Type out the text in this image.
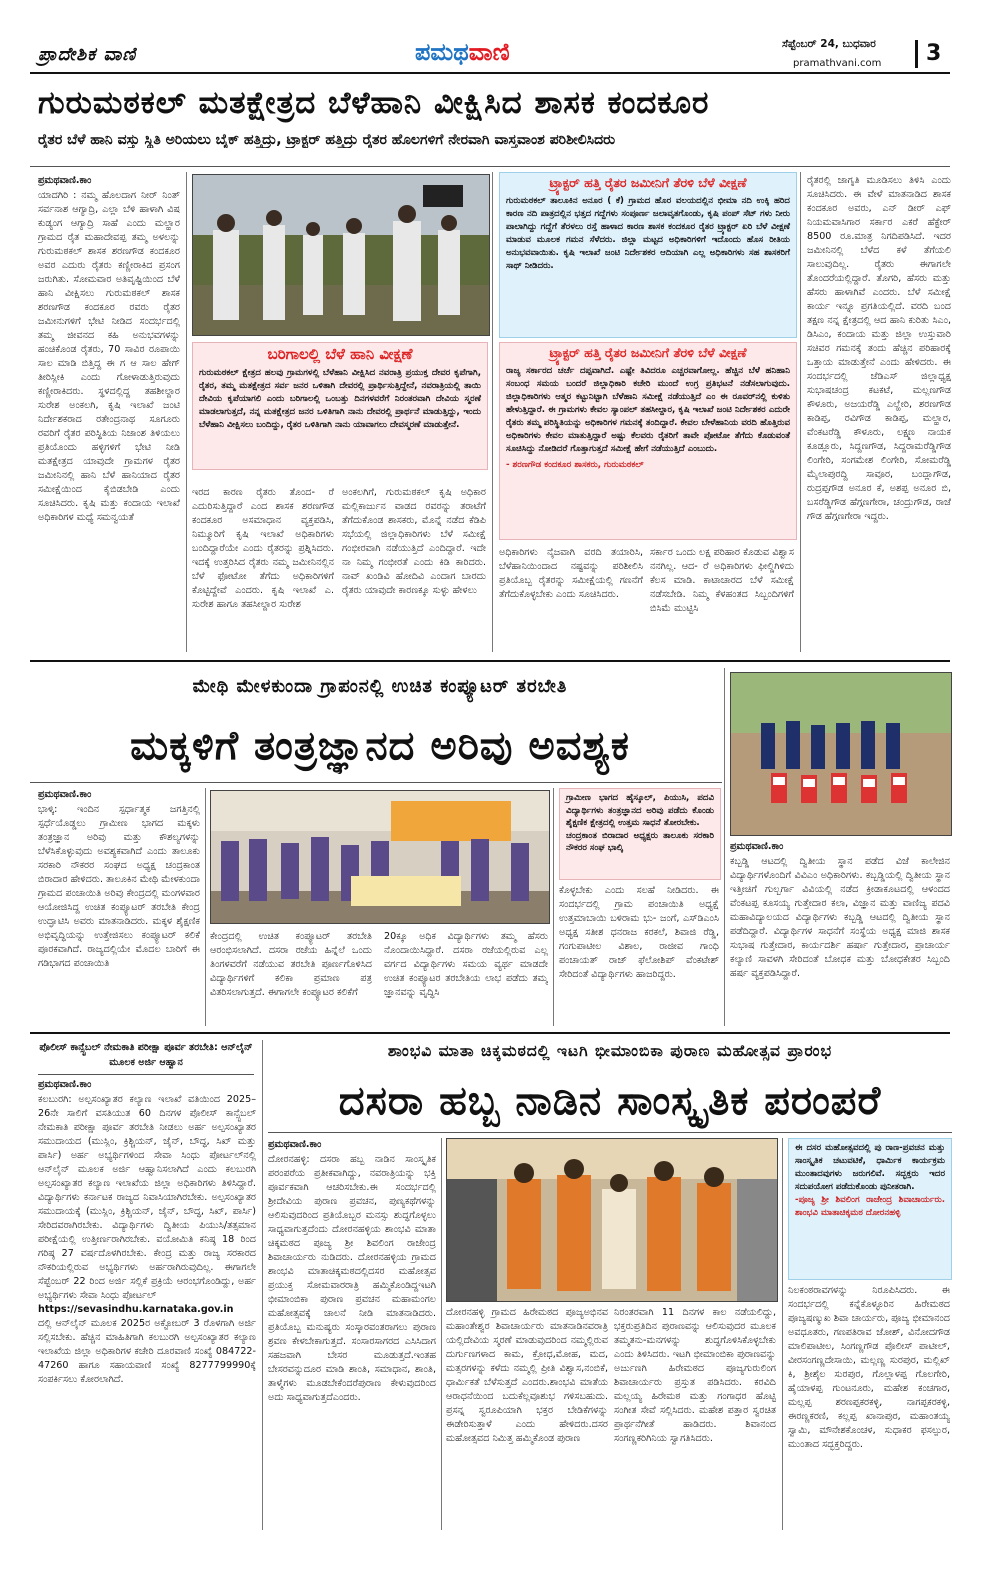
ಪ್ರಾದೇಶಿಕ ವಾಣಿ	ಪಮಥವಾಣಿ	ಸೆಪ್ಟೆಂಬರ್ 24, ಬುಧವಾರ
pramathvani.com	3
ಗುರುಮಠಕಲ್ ಮತಕ್ಷೇತ್ರದ ಬೆಳೆಹಾನಿ ವೀಕ್ಷಿಸಿದ ಶಾಸಕ ಕಂದಕೂರ
ರೈತರ ಬೆಳೆ ಹಾನಿ ವಸ್ತು ಸ್ಥಿತಿ ಅರಿಯಲು ಬೈಕ್ ಹತ್ತಿದ್ರು, ಟ್ರಾಕ್ಟರ್ ಹತ್ತಿದ್ರು ರೈತರ ಹೊಲಗಳಿಗೆ ನೇರವಾಗಿ ವಾಸ್ತವಾಂಶ ಪರಿಶೀಲಿಸಿದರು
ಪ್ರಮಥವಾಣಿ.ಕಾಂ

ಯಾದಗಿರಿ : ನಮ್ಮ ಹೊಲದಾಗ ನೀರ್ ನಿಂತ್ ಸರ್ವನಾಶ ಆಗ್ಯಾದ್ರಿ, ಎಲ್ಲಾ ಬೆಳಿ ಹಾಳಾಗಿ ವಿಷ ಕುಡ್ಯಂಗ ಆಗ್ಯಾದ್ರಿ ಸಾಹೆ ಎಂದು ಮಲ್ಹಾರ ಗ್ರಾಮದ ರೈತ ಮಹಾದೇವಪ್ಪ ತಮ್ಮ ಅಳಲನ್ನು ಗುರುಮಠಕಲ್ ಶಾಸಕ ಶರಣಗೌಡ ಕಂದಕೂರ ಅವರ ಎದುರು ರೈತರು ಕಣ್ಣೀರಾಕಿದ ಪ್ರಸಂಗ ಜರುಗಿತು. ಸೋಮವಾರ ಅತಿವೃಷ್ಟಿಯಿಂದ ಬೆಳೆ ಹಾನಿ ವೀಕ್ಷಿಸಲು ಗುರುಮಠಕಲ್ ಶಾಸಕ ಶರಣಗೌಡ ಕಂದಕೂರ ರವರು ರೈತರ ಜಮೀನುಗಳಿಗೆ ಭೇಟಿ ನೀಡಿದ ಸಂದರ್ಭದಲ್ಲಿ ತಮ್ಮ ಜೀವನದ ಕಹಿ ಅನುಭವಗಳನ್ನು ಹಂಚಿಕೊಂಡ ರೈತರು, 70 ಸಾವಿರ ರೂಪಾಯಿ ಸಾಲ ಮಾಡಿ ಬಿತ್ತಿದ್ದ ಈ ಗ ಆ ಸಾಲ ಹೇಗ್ ತೀರಿಸ್ಲೀಕಿ ಎಂದು ಗೋಳಾಡುತ್ತಿರುವುದು ಕಣ್ಣೀರಾಕಿದರು. ಸ್ಥಳದಲ್ಲಿದ್ದ ತಹಶೀಲ್ದಾರ ಸುರೇಶ ಅಂಕಲಗಿ, ಕೃಷಿ ಇಲಾಖೆ ಜಂಟಿ ನಿರ್ದೇಶಕರಾದ ರತೇಂದ್ರನಾಥ ಸೂಗೂರು ರವರಿಗೆ ರೈತರ ಪರಿಸ್ಥಿತಿಯ ನಿಜಾಂಶ ತಿಳಿಯಲು ಪ್ರತಿಯೊಂದು ಹಳ್ಳಿಗಳಿಗೆ ಭೇಟಿ ನೀಡಿ ಮತಕ್ಷೇತ್ರದ ಯಾವುದೇ ಗ್ರಾಮಗಳ ರೈತರ ಜಮೀನಿನಲ್ಲಿ ಹಾನಿ ಬೆಳೆ ಹಾನಿಯಾದ ರೈತರ ಸಮೀಕ್ಷೆಯಿಂದ ಕೈಬಿಡಬೇಡಿ ಎಂದು ಸೂಚಿಸಿದರು. ಕೃಷಿ ಮತ್ತು ಕಂದಾಯ ಇಲಾಖೆ ಅಧಿಕಾರಿಗಳ ಮಧ್ಯೆ ಸಮನ್ವಯತೆ

ಬರಿಗಾಲಲ್ಲಿ ಬೆಳೆ ಹಾನಿ ವೀಕ್ಷಣೆ
ಗುರುಮಠಕಲ್ ಕ್ಷೇತ್ರದ ಹಲವು ಗ್ರಾಮಗಳಲ್ಲಿ ಬೆಳೆಹಾನಿ ವೀಕ್ಷಿಸಿದ ನವರಾತ್ರಿ ಪ್ರಯುಕ್ತ ದೇವರ ಕೃಪೆಗಾಗಿ, ರೈತರ, ತಮ್ಮ ಮತಕ್ಷೇತ್ರದ ಸರ್ವ ಜನರ ಒಳಿತಾಗಿ ದೇವರಲ್ಲಿ ಪ್ರಾರ್ಥಿಸುತ್ತಿದ್ದೇನೆ, ನವರಾತ್ರಿಯಲ್ಲಿ ತಾಯಿ ದೇವಿಯ ಕೃಪೆಯಾಗಲಿ ಎಂದು ಬರಿಗಾಲಲ್ಲಿ ಒಂಬತ್ತು ದಿನಗಳವರೆಗೆ ನಿರಂತರವಾಗಿ ದೇವಿಯ ಸ್ಮರಣೆ ಮಾಡಲಾಗುತ್ತದೆ, ನನ್ನ ಮತಕ್ಷೇತ್ರದ ಜನರ ಒಳಿತಿಗಾಗಿ ನಾನು ದೇವರಲ್ಲಿ ಪ್ರಾರ್ಥನೆ ಮಾಡುತ್ತಿದ್ದು, ಇಂದು ಬೆಳೆಹಾನಿ ವೀಕ್ಷಿಸಲು ಬಂದಿದ್ದು, ರೈತರ ಒಳಿತಿಗಾಗಿ ನಾನು ಯಾವಾಗಲು ದೇವಸ್ಮರಣೆ ಮಾಡುತ್ತೇನೆ.
ಇರದ ಕಾರಣ ರೈತರು ತೊಂದ- ರೆ ಎದುರಿಸುತ್ತಿದ್ದಾರೆ ಎಂದ ಶಾಸಕ ಶರಣಗೌಡ ಕಂದಕೂರ ಅಸಮಾಧಾನ ವ್ಯಕ್ತಪಡಿಸಿ, ನಿಮ್ಮೂರಿಗೆ ಕೃಷಿ ಇಲಾಖೆ ಅಧಿಕಾರಿಗಳು ಬಂದಿದ್ದಾರೆಯೇ ಎಂದು ರೈತರನ್ನು ಪ್ರಶ್ನಿಸಿದರು. ಇದಕ್ಕೆ ಉತ್ತರಿಸಿದ ರೈತರು ನಮ್ಮ ಜಮೀನಿನಲ್ಲಿನ ಬೆಳೆ ಫೋಟೋ ತೆಗೆದು ಅಧಿಕಾರಿಗಳಿಗೆ ಕೊಟ್ಟಿದ್ದೇವೆ ಎಂದರು. ಕೃಷಿ ಇಲಾಖೆ ಎ. ಸುರೇಶ ಹಾಗೂ ತಹಸೀಲ್ದಾರ ಸುರೇಶ
ಅಂಕಲಗಿಗೆ, ಗುರುಮಠಕಲ್ ಕೃಷಿ ಅಧಿಕಾರ ಮಲ್ಲಿಕಾರ್ಜುನ ವಾಡದ ರವರನ್ನು ತರಾಟೆಗೆ ತೆಗೆದುಕೊಂಡ ಶಾಸಕರು, ಮೊನ್ನೆ ನಡೆದ ಕೆಡಿಪಿ ಸಭೆಯಲ್ಲಿ ಜಿಲ್ಲಾಧಿಕಾರಿಗಳು ಬೆಳೆ ಸಮೀಕ್ಷೆ ಗಂಭೀರವಾಗಿ ನಡೆಯುತ್ತಿದೆ ಎಂದಿದ್ದಾರೆ. ಇದೇ ನಾ ನಿಮ್ಮ ಗಂಭೀರತೆ ಎಂದು ಕಿಡಿ ಕಾರಿದರು. ನಾವ್ ಖಂಡಿವಿ ಹೋದಿವಿ ಎಂದಾಗ ಬಾರದು ರೈತರು ಯಾವುದೇ ಕಾರಣಕ್ಕೂ ಸುಳ್ಳು ಹೇಳಲು
ಟ್ರ್ಯಾಕ್ಟರ್ ಹತ್ತಿ ರೈತರ ಜಮೀನಿಗೆ ತೆರಳಿ ಬೆಳೆ ವೀಕ್ಷಣೆ
ಗುರುಮಠಕಲ್ ತಾಲೂಕಿನ ಅನೂರ ( ಕೆ) ಗ್ರಾಮದ ಹೊರ ವಲಯದಲ್ಲಿನ ಭೀಮಾ ನದಿ ಉಕ್ಕಿ ಹರಿದ ಕಾರಣ ನದಿ ಪಾತ್ರದಲ್ಲಿನ ಭತ್ತದ ಗದ್ದೆಗಳು ಸಂಪೂರ್ಣ ಜಲಾವೃತಗೊಂಡು, ಕೃಷಿ ಪಂಪ್ ಸೆಟ್ ಗಳು ನೀರು ಪಾಲಾಗಿದ್ದು ಗದ್ದೆಗೆ ತೆರಳಲು ರಸ್ತೆ ಹಾಳಾದ ಕಾರಣ ಶಾಸಕ ಕಂದಕೂರ ರೈತರ ಟ್ರ್ಯಾಕ್ಟರ್ ಏರಿ ಬೆಳೆ ವೀಕ್ಷಣೆ ಮಾಡುವ ಮೂಲಕ ಗಮನ ಸೆಳೆದರು. ಜಿಲ್ಲಾ ಮಟ್ಟದ ಅಧಿಕಾರಿಗಳಿಗೆ ಇದೊಂದು ಹೊಸ ರೀತಿಯ ಅನುಭವವಾಯಿತು. ಕೃಷಿ ಇಲಾಖೆ ಜಂಟಿ ನಿರ್ದೇಶಕರ ಆದಿಯಾಗಿ ಎಲ್ಲ ಅಧಿಕಾರಿಗಳು ಸಹ ಶಾಸಕರಿಗೆ ಸಾಥ್ ನೀಡಿದರು.
ಟ್ರ್ಯಾಕ್ಟರ್ ಹತ್ತಿ ರೈತರ ಜಮೀನಿಗೆ ತೆರಳಿ ಬೆಳೆ ವೀಕ್ಷಣೆ
ರಾಜ್ಯ ಸರ್ಕಾರದ ಚರ್ಚೆ ದಪ್ಪವಾಗಿದೆ. ಎಷ್ಟೇ ತಿವಿದರೂ ಎಚ್ಚರವಾಗೋಲ್ಲ. ಹೆಚ್ಚಿನ ಬೆಳೆ ಹನಿಹಾನಿ ಸಂಬಂಧ ಸಮಯ ಬಂದರೆ ಜಿಲ್ಲಾಧಿಕಾರಿ ಕಚೇರಿ ಮುಂದೆ ಉಗ್ರ ಪ್ರತಿಭಟನೆ ನಡೆಸಲಾಗುವುದು. ಜಿಲ್ಲಾಧಿಕಾರಿಗಳು ಆತ್ಮರ ಕಟ್ಟುನಿಟ್ಟಾಗಿ ಬೆಳೆಹಾನಿ ಸಮೀಕ್ಷೆ ನಡೆಯುತ್ತಿದೆ ಎಂ ಈ ರೂವರ್‌ನಲ್ಲಿ ಕುಳಿತು ಹೇಳುತ್ತಿದ್ದಾರೆ. ಈ ಗ್ರಾಮಗಳು ಕೇವಲ ಸ್ಯಾಂಪಲ್ ತಹಸೀಲ್ದಾರ, ಕೃಷಿ ಇಲಾಖೆ ಜಂಟಿ ನಿರ್ದೇಶಕರ ಎದುರೇ ರೈತರು ತಮ್ಮ ಪರಿಸ್ಥಿತಿಯನ್ನು ಅಧಿಕಾರಿಗಳ ಗಮನಕ್ಕೆ ತಂದಿದ್ದಾರೆ. ಕೇವಲ ಬೇಳೆಹಾನಿಯ ವರದಿ ಹೊತ್ತಿರುವ ಅಧಿಕಾರಿಗಳು ಕೇವಲ ಮಾತುತ್ತಿದ್ದಾರೆ ಅಷ್ಟು ಕೆಲವರು ರೈತರಿಗೆ ತಾವೇ ಪೋಟೋ ತೆಗೆದು ಕೊಡುವಂತೆ ಸೂಚಿಸಿದ್ದು ನೋಡಿದರೆ ಗೊತ್ತಾಗುತ್ತದೆ ಸಮೀಕ್ಷೆ ಹೇಗೆ ನಡೆಯುತ್ತಿದೆ ಎಂಬುದು.
- ಶರಣಗೌಡ ಕಂದಕೂರ ಶಾಸಕರು, ಗುರುಮಠಕಲ್
ಅಧಿಕಾರಿಗಳು ನೈಜವಾಗಿ ವರದಿ ತಯಾರಿಸಿ, ಬೆಳೆಹಾನಿಯಿಂದಾದ ನಷ್ಟವನ್ನು ಪರಿಶೀಲಿಸಿ ಪ್ರತಿಯೊಬ್ಬ ರೈತರನ್ನು ಸಮೀಕ್ಷೆಯಲ್ಲಿ ಗಣನೆಗೆ ತೆಗೆದುಕೊಳ್ಳಬೇಕು ಎಂದು ಸೂಚಿಸಿದರು.
ಸರ್ಕಾರ ಒಂದು ಲಕ್ಷ ಪರಿಹಾರ ಕೊಡುವ ವಿಶ್ವಾಸ ನನಗಿಲ್ಲ. ಆದ- ರೆ ಅಧಿಕಾರಿಗಳು ಫೀಲ್ಡಿಗಿಳಿದು ಕೆಲಸ ಮಾಡಿ. ಕಾಟಾಚಾರದ ಬೆಳೆ ಸಮೀಕ್ಷೆ ನಡೆಸಬೇಡಿ. ನಿಮ್ಮ ಕೆಳಹಂತದ ಸಿಬ್ಬಂದಿಗಳಿಗೆ ಬಿಸಿಮೆ ಮುಟ್ಟಿಸಿ
ರೈತರಲ್ಲಿ ಜಾಗೃತಿ ಮೂಡಿಸಲು ತಿಳಿಸಿ ಎಂದು ಸೂಚಿಸಿದರು. ಈ ವೇಳೆ ಮಾತನಾಡಿದ ಶಾಸಕ ಕಂದಕೂರ ಅವರು, ಎನ್ ಡೀರ್ ಎಫ್ ನಿಯಮವಾಸಿಗಾರ ಸರ್ಕಾರ ಎಕರೆ ಹೆಕ್ಟೇರ್ 8500 ರೂ.ಮಾತ್ರ ನಿಗದಿಪಡಿಸಿದೆ. ಇದರ ಜಮೀನಿನಲ್ಲಿ ಬೆಳೆದ ಕಳೆ ತೆಗೆಯಲಿ ಸಾಲುವುದಿಲ್ಲ. ರೈತರು ಈಗಾಗಲೇ ತೊಂದರೆಯಲ್ಲಿದ್ದಾರೆ. ತೊಗರಿ, ಹೆಸರು ಮತ್ತು ಹೆಸರು ಹಾಳಾಗಿವೆ ಎಂದರು. ಬೆಳೆ ಸಮೀಕ್ಷೆ ಕಾರ್ಯ ಇನ್ನೂ ಪ್ರಗತಿಯಲ್ಲಿದೆ. ವರದಿ ಬಂದ ತಕ್ಷಣ ನನ್ನ ಕ್ಷೇತ್ರದಲ್ಲಿ ಆದ ಹಾನಿ ಕುರಿತು ಸಿಎಂ, ಡಿಸಿಎಂ, ಕಂದಾಯ ಮತ್ತು ಜಿಲ್ಲಾ ಉಸ್ತುವಾರಿ ಸಚಿವರ ಗಮನಕ್ಕೆ ತಂದು ಹೆಚ್ಚಿನ ಪರಿಹಾರಕ್ಕೆ ಒತ್ತಾಯ ಮಾಡುತ್ತೇನೆ ಎಂದು ಹೇಳಿದರು. ಈ ಸಂದರ್ಭದಲ್ಲಿ ಜೆಡಿಎಸ್ ಜಿಲ್ಲಾಧ್ಯಕ್ಷ ಸುಭಾಷಚಂದ್ರ ಕಟಕಟೆ, ಮಲ್ಲಣಗೌಡ ಕೌಳೂರು, ಅಜಯರೆಡ್ಡಿ ಎಲ್ಹೇರಿ, ಶರಣಗೌಡ ಕಾಡಿಪ್ಪ, ರವಿಗೌಡ ಕಾಡಿಪ್ಪ, ಮಲ್ಹಾರ, ವೆಂಕಟರೆಡ್ಡಿ ಕೌಳೂರು, ಲಕ್ಷ್ಮಣ ನಾಯಕ ಕೂಡ್ಲೂರು, ಸಿದ್ದಣಗೌಡ, ಸಿದ್ದರಾಮರೆಡ್ಡಿಗೌಡ ಲಿಂಗೇರಿ, ಸಂಗಮೇಶ ಲಿಂಗೇರಿ, ಸೋಮರೆಡ್ಡಿ ಮೈಲಾಪುರದ್ದಿ ಸಾವೂರ, ಬಂದ್ಲಾಗೌಡ, ರುದ್ರಪ್ಪಗೌಡ ಅನೂರ ಕೆ, ಅಶಪ್ಪ ಅನೂರ ಬಿ, ಬಸರೆಡ್ಡಿಗೌಡ ಹೆಗ್ಗಣಗೇರಾ, ಚಂದ್ರುಗೌಡ, ರಾಜೆ ಗೌಡ ಹೆಗ್ಗಣಗೇರಾ ಇದ್ದರು.
ಮೇಥಿ ಮೇಳಕುಂದಾ ಗ್ರಾಪಂನಲ್ಲಿ ಉಚಿತ ಕಂಪ್ಯೂಟರ್ ತರಬೇತಿ
ಮಕ್ಕಳಿಗೆ ತಂತ್ರಜ್ಞಾನದ ಅರಿವು ಅವಶ್ಯಕ
ಪ್ರಮಥವಾಣಿ.ಕಾಂ

ಭಾಳ್ಕಿ: ಇಂದಿನ ಸ್ಪರ್ಧಾತ್ಮಕ ಜಗತ್ತಿನಲ್ಲಿ ಸ್ಪರ್ಧೆಯೊಡ್ಡಲು ಗ್ರಾಮೀಣ ಭಾಗದ ಮಕ್ಕಳು ತಂತ್ರಜ್ಞಾನ ಅರಿವು ಮತ್ತು ಕೌಶಲ್ಯಗಳನ್ನು ಬೆಳೆಸಿಕೊಳ್ಳುವುದು ಅವಶ್ಯಕವಾಗಿದೆ ಎಂದು ತಾಲೂಕು ಸರಕಾರಿ ನೌಕರರ ಸಂಘದ ಅಧ್ಯಕ್ಷ ಚಂದ್ರಕಾಂತ ಬಿರಾದಾರ ಹೇಳಿದರು. ತಾಲೂಕಿನ ಮೇಥಿ ಮೇಳಕುಂದಾ ಗ್ರಾಮದ ಪಂಚಾಯಿತಿ ಅರಿವು ಕೇಂದ್ರದಲ್ಲಿ ಮಂಗಳವಾರ ಆಯೋಜಿಸಿದ್ದ ಉಚಿತ ಕಂಪ್ಯೂಟರ್ ತರಬೇತಿ ಕೇಂದ್ರ ಉದ್ಘಾಟಿಸಿ ಅವರು ಮಾತನಾಡಿದರು. ಮಕ್ಕಳ ಶೈಕ್ಷಣಿಕ ಅಭಿವೃದ್ಧಿಯನ್ನು ಉತ್ತೇಜಿಸಲು ಕಂಪ್ಯೂಟರ್ ಕಲಿಕೆ ಪೂರಕವಾಗಿದೆ. ರಾಜ್ಯದಲ್ಲಿಯೇ ಮೊದಲ ಬಾರಿಗೆ ಈ ಗಡಿಭಾಗದ ಪಂಚಾಯಿತಿ

ಕೇಂದ್ರದಲ್ಲಿ ಉಚಿತ ಕಂಪ್ಯೂಟರ್ ತರಬೇತಿ ಆರಂಭಿಸಲಾಗಿದೆ. ದಸರಾ ರಜೆಯ ಹಿನ್ನೆಲೆ ಒಂದು ತಿಂಗಳವರೆಗೆ ನಡೆಯುವ ತರಬೇತಿ ಪೂರ್ಣಗೊಳಿಸಿದ ವಿದ್ಯಾರ್ಥಿಗಳಿಗೆ ಕಲಿಕಾ ಪ್ರಮಾಣ ಪತ್ರ ವಿತರಿಸಲಾಗುತ್ತದೆ. ಈಗಾಗಲೇ ಕಂಪ್ಯೂಟರ ಕಲಿಕೆಗೆ
20ಕ್ಕೂ ಅಧಿಕ ವಿದ್ಯಾರ್ಥಿಗಳು ತಮ್ಮ ಹೆಸರು ನೊಂದಾಯಿಸಿದ್ದಾರೆ. ದಸರಾ ರಜೆಯಲ್ಲಿರುವ ಎಲ್ಲ ವರ್ಗದ ವಿದ್ಯಾರ್ಥಿಗಳು ಸಮಯ ವ್ಯರ್ಥ ಮಾಡದೇ ಉಚಿತ ಕಂಪ್ಯೂಟರ ತರಬೇತಿಯ ಲಾಭ ಪಡೆದು ತಮ್ಮ ಜ್ಞಾನವನ್ನು ವೃದ್ಧಿಸಿ
ಗ್ರಾಮೀಣ ಭಾಗದ ಹೈಸ್ಕೂಲ್, ಪಿಯುಸಿ, ಪದವಿ ವಿದ್ಯಾರ್ಥಿಗಳು ತಂತ್ರಜ್ಞಾನದ ಅರಿವು ಪಡೆದು ಕೊಂಡು ಶೈಕ್ಷಣಿಕ ಕ್ಷೇತ್ರದಲ್ಲಿ ಉತ್ತಮ ಸಾಧನೆ ತೋರಬೇಕು.
ಚಂದ್ರಕಾಂತ ಬಿರಾದಾರ ಅಧ್ಯಕ್ಷರು ತಾಲೂಕು ಸರಕಾರಿ ನೌಕರರ ಸಂಘ ಭಾಲ್ಕಿ
ಕೊಳ್ಳಬೇಕು ಎಂದು ಸಲಹೆ ನೀಡಿದರು. ಈ ಸಂದರ್ಭದಲ್ಲಿ ಗ್ರಾಮ ಪಂಚಾಯಿತಿ ಅಧ್ಯಕ್ಷೆ ಉತ್ತಮಾಬಾಯಿ ಬಳಿರಾಮ ಭು- ಜಂಗೆ, ಎಸ್‌ಡಿಎಂಸಿ ಅಧ್ಯಕ್ಷ ಸತೀಶ ಧನರಾಜ ಕರಕಲೆ, ಶಿವಾಜಿ ರೆಡ್ಡಿ, ಗಂಗುಪಾಟೀಲ ವಿಶಾಲ, ರಾಜೀವ ಗಾಂಧಿ ಪಂಚಾಯತ್ ರಾಜ್ ಫೆಲೋಶಿಪ್ ವೆಂಕಟೇಶ್ ಸೇರಿದಂತೆ ವಿದ್ಯಾರ್ಥಿಗಳು ಹಾಜರಿದ್ದರು.
ಪ್ರಮಥವಾಣಿ.ಕಾಂ

ಕಬ್ಬಡ್ಡಿ ಆಟದಲ್ಲಿ ದ್ವಿತೀಯ ಸ್ಥಾನ ಪಡೆದ ವಿಜೆ ಕಾಲೇಜಿನ ವಿದ್ಯಾರ್ಥಿಗಳೊಂದಿಗೆ ವಿವಿಎಂ ಅಧಿಕಾರಿಗಳು. ಕಬ್ಬಡ್ಡಿಯಲ್ಲಿ ದ್ವಿತೀಯ ಸ್ಥಾನ ಇತ್ತೀಚಿಗೆ ಗುಲ್ಬರ್ಗಾ ವಿವಿಯಲ್ಲಿ ನಡೆದ ಕ್ರೀಡಾಕೂಟದಲ್ಲಿ ಆಳಂದದ ವೆಂಕಟಪ್ಪ ಕೂಸಯ್ಯ ಗುತ್ತೇದಾರ ಕಲಾ, ವಿಜ್ಞಾನ ಮತ್ತು ವಾಣಿಜ್ಯ ಪದವಿ ಮಹಾವಿದ್ಯಾಲಯದ ವಿದ್ಯಾರ್ಥಿಗಳು ಕಬ್ಬಡ್ಡಿ ಆಟದಲ್ಲಿ ದ್ವಿತೀಯ ಸ್ಥಾನ ಪಡೆದಿದ್ದಾರೆ. ವಿದ್ಯಾರ್ಥಿಗಳ ಸಾಧನೆಗೆ ಸಂಸ್ಥೆಯ ಅಧ್ಯಕ್ಷ ಮಾಜಿ ಶಾಸಕ ಸುಭಾಷ ಗುತ್ತೇದಾರ, ಕಾರ್ಯದರ್ಶಿ ಹರ್ಷಾ ಗುತ್ತೇದಾರ, ಪ್ರಾಚಾರ್ಯ ಕಲ್ಯಾಣಿ ಸಾವಳಗಿ ಸೇರಿದಂತೆ ಬೋಧಕ ಮತ್ತು ಬೋಧಕೇತರ ಸಿಬ್ಬಂದಿ ಹರ್ಷ ವ್ಯಕ್ತಪಡಿಸಿದ್ದಾರೆ.

ಪೊಲೀಸ್ ಕಾನ್ಸ್ಟೆಬಲ್ ನೇಮಕಾತಿ ಪರೀಕ್ಷಾ ಪೂರ್ವ ತರಬೇತಿ: ಆನ್‌ಲೈನ್ ಮೂಲಕ ಅರ್ಜಿ ಆಹ್ವಾನ
ಪ್ರಮಥವಾಣಿ.ಕಾಂ

ಕಲಬುರಗಿ: ಅಲ್ಪಸಂಖ್ಯಾತರ ಕಲ್ಯಾಣ ಇಲಾಖೆ ವತಿಯಿಂದ 2025–26ನೇ ಸಾಲಿಗೆ ವಸತಿಯುತ 60 ದಿನಗಳ ಪೊಲೀಸ್ ಕಾನ್ಸ್ಟೆಬಲ್ ನೇಮಕಾತಿ ಪರೀಕ್ಷಾ ಪೂರ್ವ ತರಬೇತಿ ನೀಡಲು ಅರ್ಹ ಅಲ್ಪಸಂಖ್ಯಾತರ ಸಮುದಾಯದ (ಮುಸ್ಲಿಂ, ಕ್ರಿಶ್ಚಿಯನ್, ಜೈನ್, ಬೌದ್ಧ, ಸಿಖ್ ಮತ್ತು ಪಾರ್ಸಿ) ಅರ್ಹ ಅಭ್ಯರ್ಥಿಗಳಿಂದ ಸೇವಾ ಸಿಂಧು ಪೋರ್ಟಲ್‌ನಲ್ಲಿ ಆನ್‌ಲೈನ್ ಮೂಲಕ ಅರ್ಜಿ ಆಹ್ವಾನಿಸಲಾಗಿದೆ ಎಂದು ಕಲಬುರಗಿ ಅಲ್ಪಸಂಖ್ಯಾತರ ಕಲ್ಯಾಣ ಇಲಾಖೆಯ ಜಿಲ್ಲಾ ಅಧಿಕಾರಿಗಳು ತಿಳಿಸಿದ್ದಾರೆ. ವಿದ್ಯಾರ್ಥಿಗಳು ಕರ್ನಾಟಕ ರಾಜ್ಯದ ನಿವಾಸಿಯಾಗಿರಬೇಕು. ಅಲ್ಪಸಂಖ್ಯಾತರ ಸಮುದಾಯಕ್ಕೆ (ಮುಸ್ಲಿಂ, ಕ್ರಿಶ್ಚಿಯನ್, ಜೈನ್, ಬೌದ್ಧ, ಸಿಖ್, ಪಾರ್ಸಿ) ಸೇರಿದವರಾಗಿರಬೇಕು. ವಿದ್ಯಾರ್ಥಿಗಳು ದ್ವಿತೀಯ ಪಿಯುಸಿ/ತತ್ಸಮಾನ ಪರೀಕ್ಷೆಯಲ್ಲಿ ಉತ್ತೀರ್ಣರಾಗಿರಬೇಕು. ವಯೋಮಿತಿ ಕನಿಷ್ಠ 18 ರಿಂದ ಗರಿಷ್ಠ 27 ವರ್ಷದೊಳಗಿರಬೇಕು. ಕೇಂದ್ರ ಮತ್ತು ರಾಜ್ಯ ಸರಕಾರದ ನೌಕರಿಯಲ್ಲಿರುವ ಅಭ್ಯರ್ಥಿಗಳು ಅರ್ಹರಾಗಿರುವುದಿಲ್ಲ. ಈಗಾಗಲೇ ಸೆಪ್ಟೆಂಬರ್ 22 ರಿಂದ ಅರ್ಜಿ ಸಲ್ಲಿಕೆ ಪ್ರಕ್ರಿಯೆ ಆರಂಭಗೊಂಡಿದ್ದು, ಅರ್ಹ ಅಭ್ಯರ್ಥಿಗಳು ಸೇವಾ ಸಿಂಧು ಪೋರ್ಟಲ್

https://sevasindhu.karnataka.gov.in

ದಲ್ಲಿ ಆನ್‌ಲೈನ್ ಮೂಲಕ 2025ರ ಅಕ್ಟೋಬರ್ 3 ರೊಳಗಾಗಿ ಅರ್ಜಿ ಸಲ್ಲಿಸಬೇಕು. ಹೆಚ್ಚಿನ ಮಾಹಿತಿಗಾಗಿ ಕಲಬುರಗಿ ಅಲ್ಪಸಂಖ್ಯಾತರ ಕಲ್ಯಾಣ ಇಲಾಖೆಯ ಜಿಲ್ಲಾ ಅಧಿಕಾರಿಗಳ ಕಚೇರಿ ದೂರವಾಣಿ ಸಂಖ್ಯೆ 084722-47260 ಹಾಗೂ ಸಹಾಯವಾಣಿ ಸಂಖ್ಯೆ 8277799990ಕ್ಕೆ ಸಂಪರ್ಕಿಸಲು ಕೋರಲಾಗಿದೆ.

ಶಾಂಭವಿ ಮಾತಾ ಚಿಕ್ಕಮಠದಲ್ಲಿ ಇಟಗಿ ಭೀಮಾಂಬಿಕಾ ಪುರಾಣ ಮಹೋತ್ಸವ ಪ್ರಾರಂಭ
ದಸರಾ ಹಬ್ಬ ನಾಡಿನ ಸಾಂಸ್ಕೃತಿಕ ಪರಂಪರೆ
ಪ್ರಮಥವಾಣಿ.ಕಾಂ

ದೋರನಹಳ್ಳಿ: ದಸರಾ ಹಬ್ಬ ನಾಡಿನ ಸಾಂಸ್ಕೃತಿಕ ಪರಂಪರೆಯ ಪ್ರತೀಕವಾಗಿದ್ದು, ನವರಾತ್ರಿಯನ್ನು ಭಕ್ತಿ ಪೂರ್ವಕವಾಗಿ ಆಚರಿಸಬೇಕು.ಈ ಸಂದರ್ಭದಲ್ಲಿ ಶ್ರೀದೇವಿಯ ಪುರಾಣ ಪ್ರವಚನ, ಪುಣ್ಯಕಥೆಗಳನ್ನು ಆಲಿಸುವುದರಿಂದ ಪ್ರತಿಯೊಬ್ಬರ ಮನಸ್ಸು ಶುದ್ಧಗೊಳ್ಳಲು ಸಾಧ್ಯವಾಗುತ್ತದೆಂದು ದೋರನಹಳ್ಳಿಯ ಶಾಂಭವಿ ಮಾತಾ ಚಿಕ್ಕಮಠದ ಪೂಜ್ಯ ಶ್ರೀ ಶಿವಲಿಂಗ ರಾಜೇಂದ್ರ ಶಿವಾಚಾರ್ಯರು ನುಡಿದರು. ದೋರನಹಳ್ಳಿಯ ಗ್ರಾಮದ ಶಾಂಭವಿ ಮಾತಾಚಿಕ್ಕಮಠದಲ್ಲಿದಸರ ಮಹೋತ್ಸವ ಪ್ರಯುಕ್ತ ಸೋಮವಾರರಾತ್ರಿ ಹಮ್ಮಿಕೊಂಡಿದ್ದಇಟಗಿ ಭೀಮಾಂಬಿಕಾ ಪುರಾಣ ಪ್ರವಚನ ಮಹಾಮಂಗಲ ಮಹೋತ್ಸವಕ್ಕೆ ಚಾಲನೆ ನೀಡಿ ಮಾತನಾಡಿದರು. ಪ್ರತಿಯೊಬ್ಬ ಮನುಷ್ಯರು ಸಂಸ್ಕಾರವಂತರಾಗಲು ಪುರಾಣ ಶ್ರವಣ ಕೇಳಬೇಕಾಗುತ್ತದೆ. ಸಂಸಾರಸಾಗರದ ಎಸಿಸಿದಾಗ ಸಹಜವಾಗಿ ಬೇಸರ ಮೂಡುತ್ತದೆ.ಇಂತಹ ಬೇಸರವನ್ನುದೂರ ಮಾಡಿ ಶಾಂತಿ, ಸಮಾಧಾನ, ಶಾಂತಿ, ತಾಳ್ಮೆಗಳು ಮೂಡಬೇಕೆಂದರೆಪುರಾಣ ಕೇಳುವುದರಿಂದ ಅದು ಸಾಧ್ಯವಾಗುತ್ತದೆಎಂದರು.

ದೋರನಹಳ್ಳಿ ಗ್ರಾಮದ ಹಿರೇಮಠದ ಪೂಜ್ಯಅಭಿನವ ಮಹಾಂತೇಶ್ವರ ಶಿವಾಚಾರ್ಯರು ಮಾತನಾಡಿನವರಾತ್ರಿ ಯಲ್ಲಿದೇವಿಯ ಸ್ಮರಣೆ ಮಾಡುವುದರಿಂದ ನಮ್ಮಲ್ಲಿರುವ ದುರ್ಗುಣಗಳಾದ ಕಾಮ, ಕ್ರೋಧ,ಮೋಹ, ಮದ, ಮತ್ಸರಗಳನ್ನು ಕಳೆದು ನಮ್ಮಲ್ಲಿ ಪ್ರೀತಿ ವಿಶ್ವಾಸ,ನಂಬಿಕೆ, ಧಾರ್ಮಿಕತೆ ಬೆಳೆಸುತ್ತದೆ ಎಂದರು.ಶಾಂಭವಿ ಮಾತೆಯ ಆರಾಧನೆಯಿಂದ ಬದುಕೆಲ್ಲವೂಶುಭ ಗಳಿಸಬಹುದು. ಪ್ರಸನ್ನ ಸ್ವರೂಪಿಯಾಗಿ ಭಕ್ತರ ಬೇಡಿಕೆಗಳನ್ನು ಈಡೇರಿಸುತ್ತಾಳೆ ಎಂದು ಹೇಳಿದರು.ದಸರ ಮಹೋತ್ಸವದ ನಿಮಿತ್ತ ಹಮ್ಮಿಕೊಂಡ ಪುರಾಣ
ನಿರಂತರವಾಗಿ 11 ದಿನಗಳ ಕಾಲ ನಡೆಯಲಿದ್ದು, ಭಕ್ತರುಪ್ರತಿದಿನ ಪುರಾಣವನ್ನು ಆಲಿಸುವುದರ ಮೂಲಕ ತಮ್ಮತನು-ಮನಗಳನ್ನು ಶುದ್ಧಗೊಳಿಸಿಕೊಳ್ಳಬೇಕು ಎಂದು ತಿಳಿಸಿದರು. ಇಟಗಿ ಭೀಮಾಂಬಿಕಾ ಪುರಾಣವನ್ನು ಅರ್ಜುಣಗಿ ಹಿರೇಮಠದ ಪೂಜ್ಯಗುರುಲಿಂಗ ಶಿವಾಚಾರ್ಯರು ಪ್ರಸ್ತುತ ಪಡಿಸಿದರು. ಕರವಿದಿ ಮಲ್ಲಯ್ಯ ಹಿರೇಮಠ ಮತ್ತು ಗಂಗಾಧರ ಹೊಟ್ಟಿ ಸಂಗೀತ ಸೇವೆ ಸಲ್ಲಿಸಿದರು. ಮಹೇಶ ಪತ್ತಾರ ಸ್ವರಚಿತ ಪ್ರಾರ್ಥನೆಗೀತೆ ಹಾಡಿದರು. ಶಿವಾನಂದ ಸಂಗಣ್ಣಕರಿಗಿನಿಯ ಸ್ವಾಗತಿಸಿದರು.
ಈ ದಸರ ಮಹೋತ್ಸವದಲ್ಲಿ ಪು ರಾಣ-ಪ್ರವಚನ ಮತ್ತು ಸಾಂಸ್ಕೃತಿಕ ಚಟುವಟಿಕೆ, ಧಾರ್ಮಿಕ ಕಾರ್ಯಕ್ರಮ ಮುಂತಾದವುಗಳು ಜರುಗಲಿವೆ. ಸದ್ಭಕ್ತರು ಇದರ ಸದುಪಯೋಗ ಪಡೆದುಕೊಂಡು ಪುನೀತರಾಗಿ.
-ಪೂಜ್ಯ ಶ್ರೀ ಶಿವಲಿಂಗ ರಾಜೇಂದ್ರ ಶಿವಾಚಾರ್ಯರು. ಶಾಂಭವಿ ಮಾತಾಚಿಕ್ಕಮಠ ದೋರನಹಳ್ಳಿ
ನಿಲಕಂಠರಾವಗಳನ್ನು ನಿರೂಪಿಸಿದರು. ಈ ಸಂದರ್ಭದಲ್ಲಿ ಕನ್ನೆಕೊಳ್ಳೂರಿನ ಹಿರೇಮಠದ ಪೂಜ್ಯಷಣ್ಮುಖ ಶಿವಾ ಚಾರ್ಯರು, ಪೂಜ್ಯ ಭೀಮಾನಂದ ಅವಧೂತರು, ಗಣಪತಿರಾವ ಜೋಶ್, ವಿನೋದಗೌಡ ಮಾಲಿಪಾಟೀಲ, ಸಿಂಗಣ್ಣಗೌಡ ಪೊಲೀಸ್ ಪಾಟೀಲ್, ವೀರಸಂಗಣ್ಣದೇಸಾಯಿ, ಮಲ್ಲಣ್ಣ ಸುರಪುರ, ಮಲ್ಲಿಖ್ ಕಿ, ಶ್ರೀಶೈಲ ಸುರಪುರ, ಗೊಲ್ಲಾಳಪ್ಪ ಗೊಲಗೇರಿ, ಹೈಯಾಳಪ್ಪ ಗುಂಟನೂರು, ಮಹೇಶ ಕಂಚಗಾರ, ಮಲ್ಲಪ್ಪ ಶರಣಪ್ಪಕರಕಳ್ಳಿ, ನಾಗಪ್ಪಕರಕಳ್ಳಿ, ಈರಣ್ಣಕರಣಿ, ಕಲ್ಲಪ್ಪ ಖಾನಾಪುರ, ಮಹಾಂತಯ್ಯ ಸ್ವಾಮಿ, ಮೌನೇಶಕೊಂಚಳ, ಸುಧಾಕರ ಫಸಲ್ಪುರ, ಮುಂತಾದ ಸದ್ಭಕ್ತರಿದ್ದರು.
